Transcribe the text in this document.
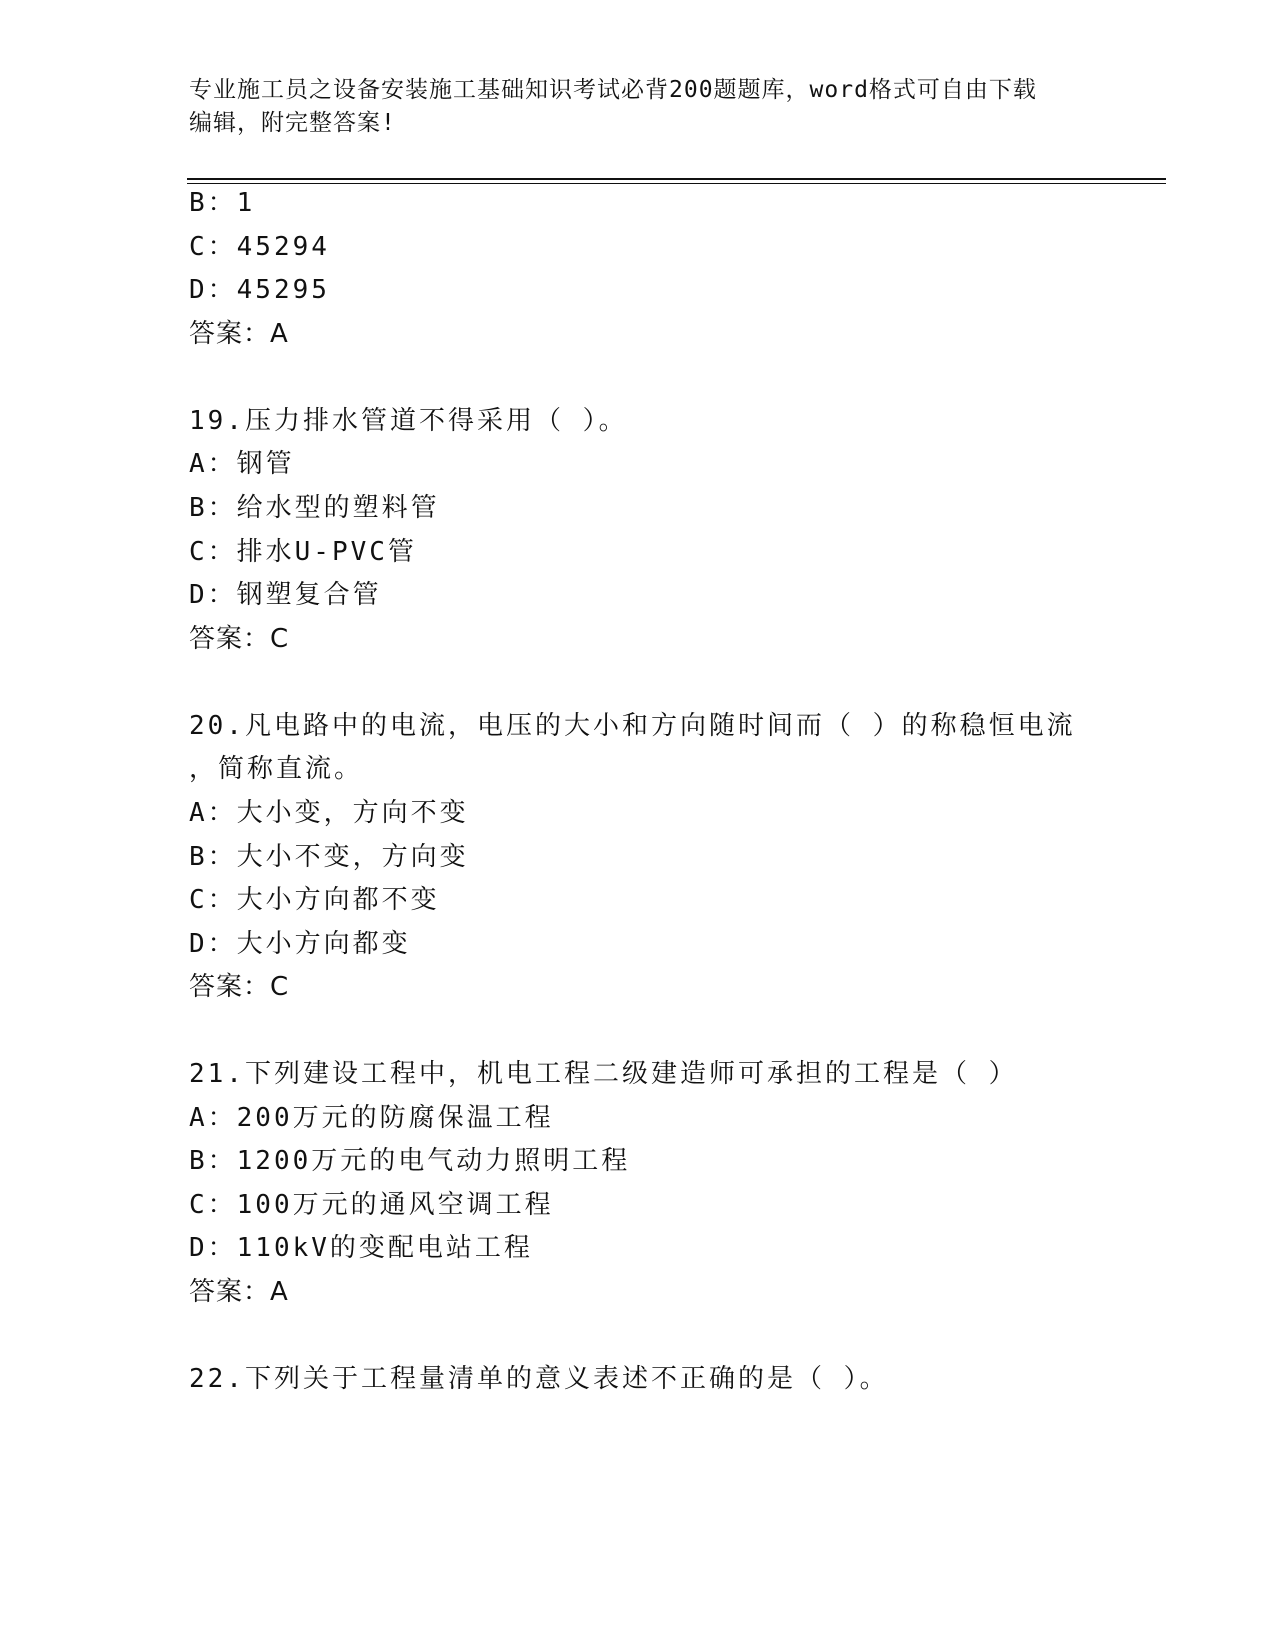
专业施工员之设备安装施工基础知识考试必背200题题库，word格式可自由下载
编辑，附完整答案!
B：1
C：45294
D：45295
答案：A
19.压力排水管道不得采用（ ）。
A：钢管
B：给水型的塑料管
C：排水U-PVC管
D：钢塑复合管
答案：C
20.凡电路中的电流，电压的大小和方向随时间而（ ）的称稳恒电流
，简称直流。
A：大小变，方向不变
B：大小不变，方向变
C：大小方向都不变
D：大小方向都变
答案：C
21.下列建设工程中，机电工程二级建造师可承担的工程是（ ）
A：200万元的防腐保温工程
B：1200万元的电气动力照明工程
C：100万元的通风空调工程
D：110kV的变配电站工程
答案：A
22.下列关于工程量清单的意义表述不正确的是（ ）。
